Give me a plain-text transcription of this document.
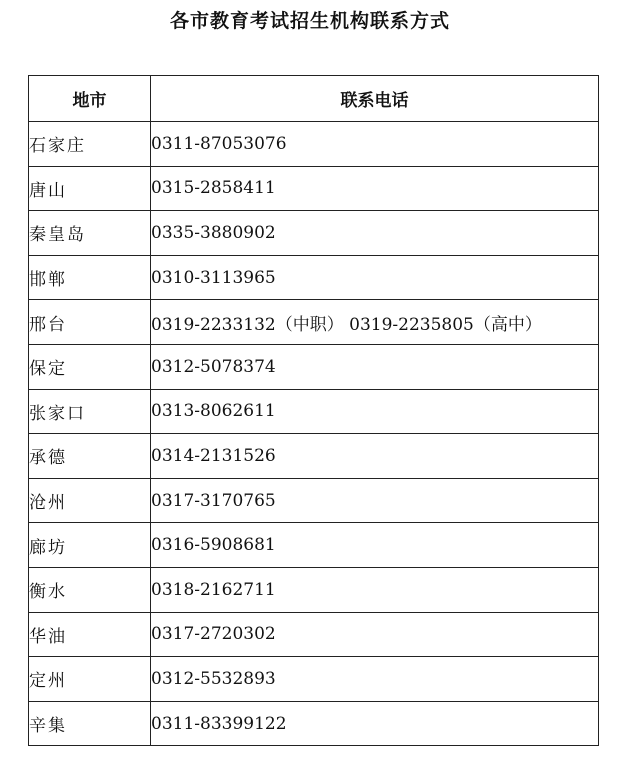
各市教育考试招生机构联系方式
地市	联系电话
石家庄	0311-87053076
唐山	0315-2858411
秦皇岛	0335-3880902
邯郸	0310-3113965
邢台	0319-2233132（中职） 0319-2235805（高中）
保定	0312-5078374
张家口	0313-8062611
承德	0314-2131526
沧州	0317-3170765
廊坊	0316-5908681
衡水	0318-2162711
华油	0317-2720302
定州	0312-5532893
辛集	0311-83399122
